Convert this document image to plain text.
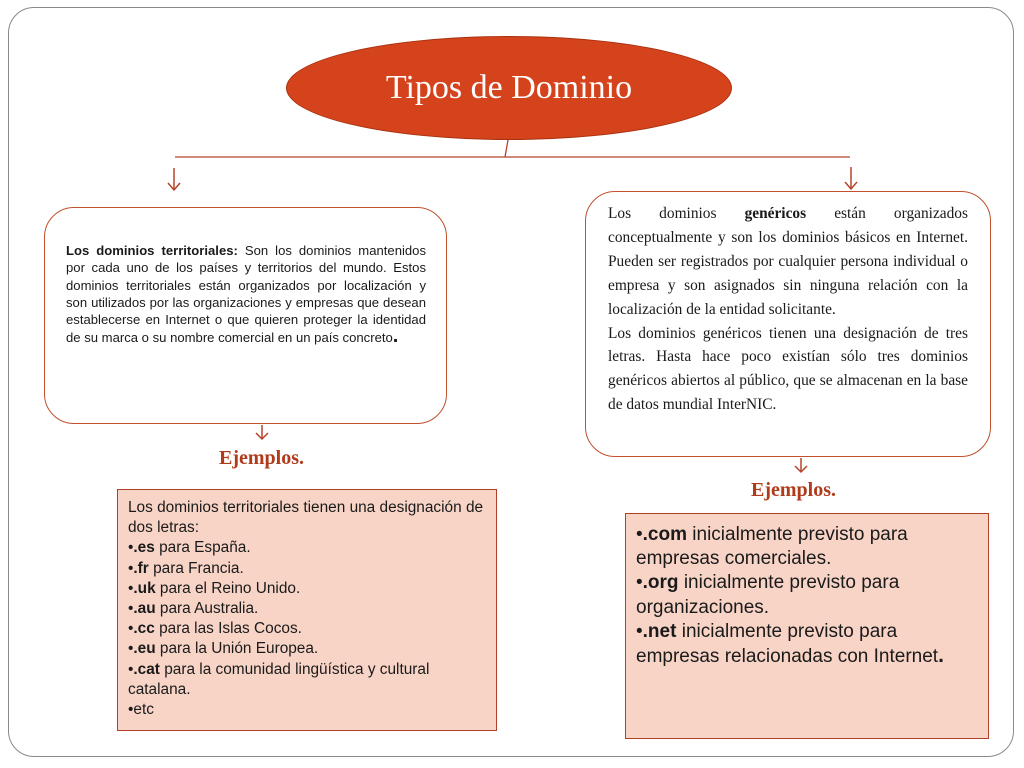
Tipos de Dominio

Los dominios territoriales: Son los dominios mantenidos por cada uno de los países y territorios del mundo. Estos dominios territoriales están organizados por localización y son utilizados por las organizaciones y empresas que desean establecerse en Internet o que quieren proteger la identidad de su marca o su nombre comercial en un país concreto.

Los dominios genéricos están organizados conceptualmente y son los dominios básicos en Internet. Pueden ser registrados por cualquier persona individual o empresa y son asignados sin ninguna relación con la localización de la entidad solicitante.

Los dominios genéricos tienen una designación de tres letras. Hasta hace poco existían sólo tres dominios genéricos abiertos al público, que se almacenan en la base de datos mundial InterNIC.

Ejemplos.
Ejemplos.
Los dominios territoriales tienen una designación de dos letras:
•.es para España.
•.fr para Francia.
•.uk para el Reino Unido.
•.au para Australia.
•.cc para las Islas Cocos.
•.eu para la Unión Europea.
•.cat para la comunidad lingüística y cultural catalana.
•etc
•.com inicialmente previsto para empresas comerciales.
•.org inicialmente previsto para organizaciones.
•.net inicialmente previsto para empresas relacionadas con Internet.
